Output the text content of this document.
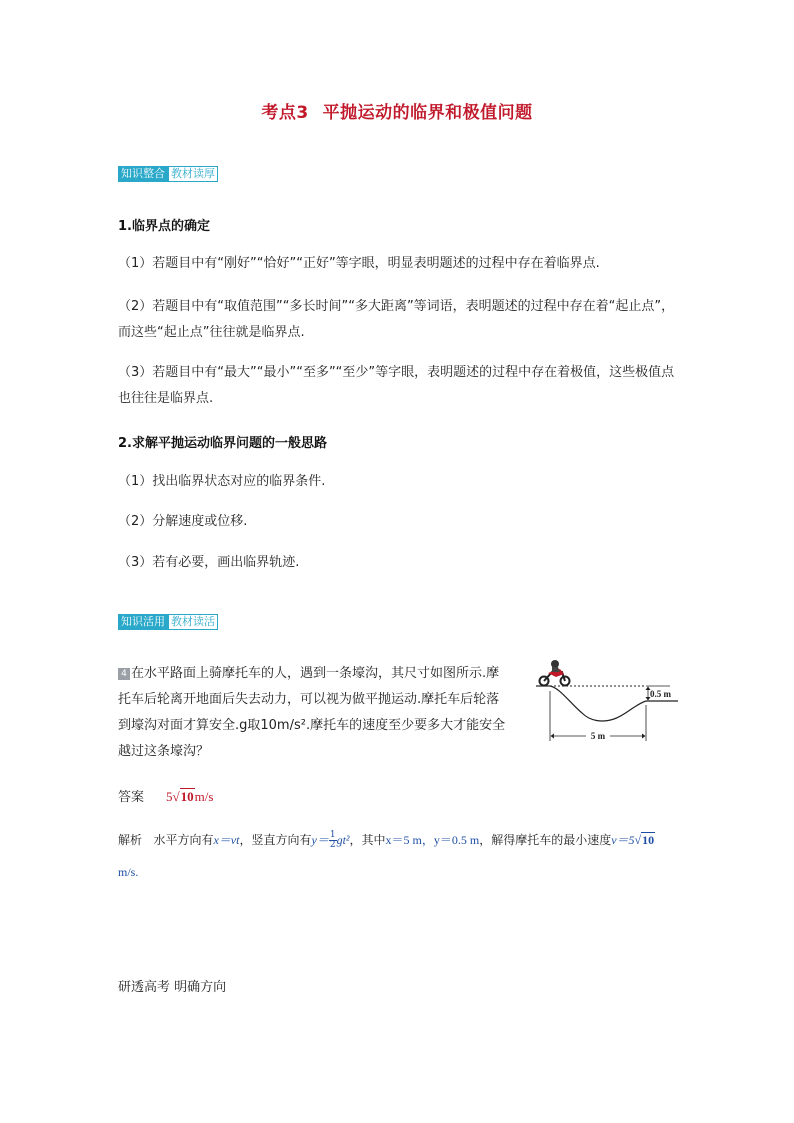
考点3 平抛运动的临界和极值问题
知识整合 教材读厚
1.临界点的确定
（1）若题目中有“刚好”“恰好”“正好”等字眼，明显表明题述的过程中存在着临界点.
（2）若题目中有“取值范围”“多长时间”“多大距离”等词语，表明题述的过程中存在着“起止点”，而这些“起止点”往往就是临界点.
（3）若题目中有“最大”“最小”“至多”“至少”等字眼，表明题述的过程中存在着极值，这些极值点也往往是临界点.
2.求解平抛运动临界问题的一般思路
（1）找出临界状态对应的临界条件.
（2）分解速度或位移.
（3）若有必要，画出临界轨迹.
知识活用 教材读活
4 在水平路面上骑摩托车的人，遇到一条壕沟，其尺寸如图所示.摩托车后轮离开地面后失去动力，可以视为做平抛运动.摩托车后轮落到壕沟对面才算安全.g取10m/s².摩托车的速度至少要多大才能安全越过这条壕沟？
0.5 m
5 m
答案 5√10m/s
解析 水平方向有x＝vt，竖直方向有$y= \frac{1}{2} gt^2$，其中x＝5 m，y＝0.5 m，解得摩托车的最小速度v＝5√10 m/s.
研透高考 明确方向
